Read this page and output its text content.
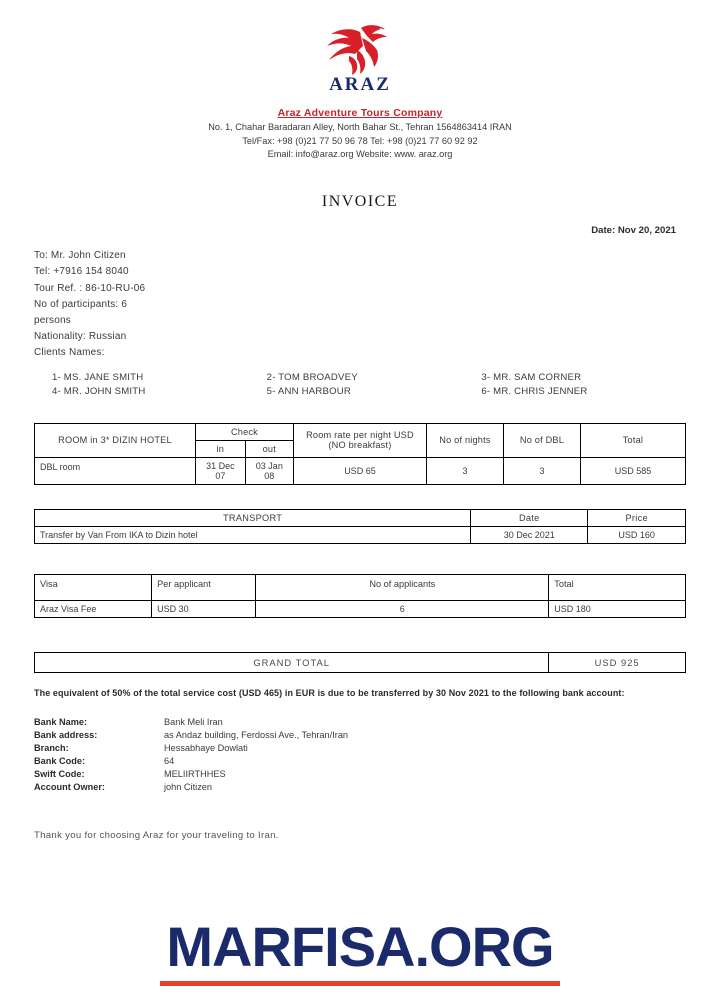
ARAZ
Araz Adventure Tours Company
No. 1, Chahar Baradaran Alley, North Bahar St., Tehran 1564863414 IRAN
Tel/Fax: +98 (0)21 77 50 96 78 Tel: +98 (0)21 77 60 92 92
Email: info@araz.org Website: www. araz.org
INVOICE
Date: Nov 20, 2021
To: Mr. John Citizen
Tel: +7916 154 8040
Tour Ref. : 86-10-RU-06
No of participants: 6
persons
Nationality: Russian
Clients Names:
1- MS. JANE SMITH	2- TOM BROADVEY	3- MR. SAM CORNER
4- MR. JOHN SMITH	5- ANN HARBOUR	6- MR. CHRIS JENNER
ROOM in 3* DIZIN HOTEL	Check		Room rate per night USD (NO breakfast)	No of nights	No of DBL	Total
	in	out				
DBL room	31 Dec 07	03 Jan 08	USD 65	3	3	USD 585
TRANSPORT	Date	Price
Transfer by Van From IKA to Dizin hotel	30 Dec 2021	USD 160
Visa	Per applicant	No of applicants	Total
Araz Visa Fee	USD 30	6	USD 180
GRAND TOTAL	USD 925
The equivalent of 50% of the total service cost (USD 465) in EUR is due to be transferred by 30 Nov 2021 to the following bank account:
Bank Name:	Bank Meli Iran
Bank address:	as Andaz building, Ferdossi Ave., Tehran/Iran
Branch:	Hessabhaye Dowlati
Bank Code:	64
Swift Code:	MELIIRTHHES
Account Owner:	john Citizen
Thank you for choosing Araz for your traveling to Iran.
MARFISA.ORG
